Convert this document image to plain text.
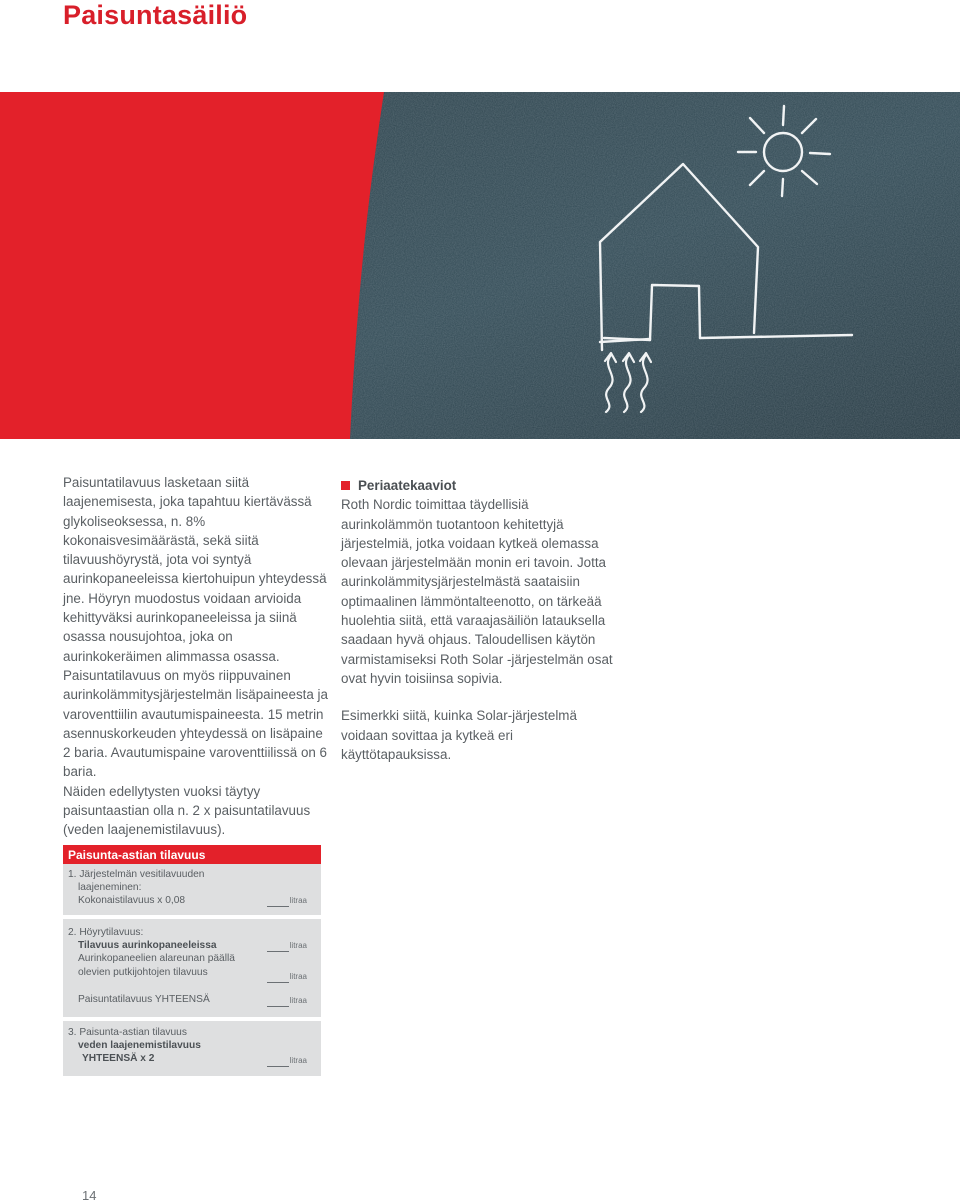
Paisuntasäiliö

Paisuntatilavuus lasketaan siitä laajenemisesta, joka tapahtuu kiertävässä glykoliseoksessa, n. 8% kokonaisvesimäärästä, sekä siitä tilavuushöyrystä, jota voi syntyä aurinkopaneeleissa kiertohuipun yhteydessä jne. Höyryn muodostus voidaan arvioida kehittyväksi aurinkopaneeleissa ja siinä osassa nousujohtoa, joka on aurinkokeräimen alimmassa osassa.

Paisuntatilavuus on myös riippuvainen aurinkolämmitysjärjestelmän lisäpaineesta ja varoventtiilin avautumispaineesta. 15 metrin asennuskorkeuden yhteydessä on lisäpaine 2 baria. Avautumispaine varoventtiilissä on 6 baria.

Näiden edellytysten vuoksi täytyy paisuntaastian olla n. 2 x paisuntatilavuus (veden laajenemistilavuus).

Periaatekaaviot

Roth Nordic toimittaa täydellisiä aurinkolämmön tuotantoon kehitettyjä järjestelmiä, jotka voidaan kytkeä olemassa olevaan järjestelmään monin eri tavoin. Jotta aurinkolämmitysjärjestelmästä saataisiin optimaalinen lämmöntalteenotto, on tärkeää huolehtia siitä, että varaajasäiliön latauksella saadaan hyvä ohjaus. Taloudellisen käytön varmistamiseksi Roth Solar -järjestelmän osat ovat hyvin toisiinsa sopivia.

Esimerkki siitä, kuinka Solar-järjestelmä voidaan sovittaa ja kytkeä eri käyttötapauksissa.

Paisunta-astian tilavuus
1. Järjestelmän vesitilavuuden
laajeneminen:
Kokonaistilavuus x 0,08	litraa
2. Höyrytilavuus:
Tilavuus aurinkopaneeleissa
Aurinkopaneelien alareunan päällä
olevien putkijohtojen tilavuus
Paisuntatilavuus YHTEENSÄ
litraa
litraa
litraa
3. Paisunta-astian tilavuus
veden laajenemistilavuus
YHTEENSÄ x 2	litraa
14
